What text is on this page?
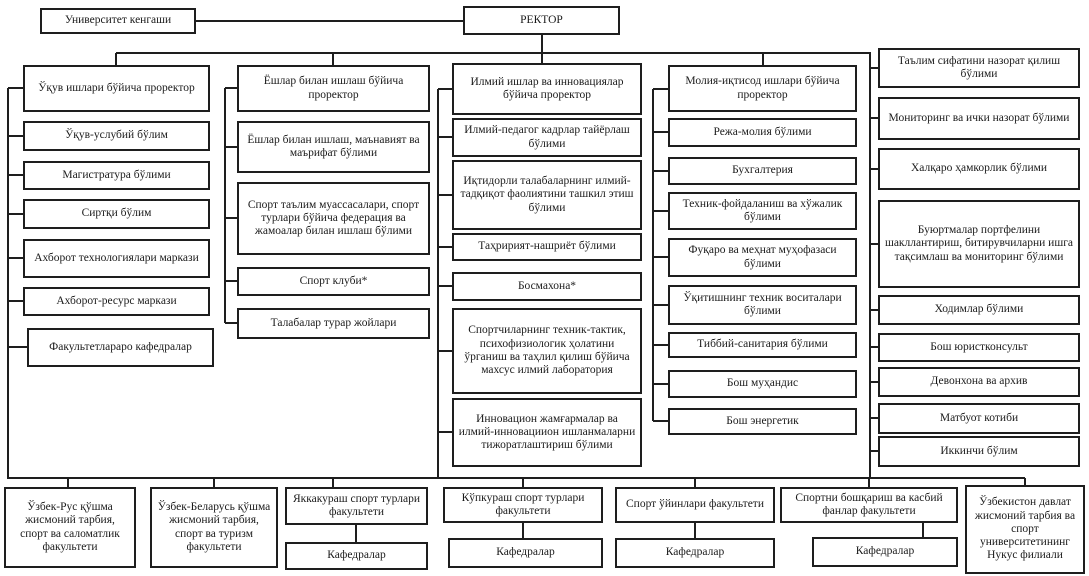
Университет кенгаши	РЕКТОР
Ўқув ишлари бўйича проректор
Ўқув-услубий бўлим
Магистратура бўлими
Сиртқи бўлим
Ахборот технологиялари маркази
Ахборот-ресурс маркази
Факультетлараро кафедралар
Ёшлар билан ишлаш бўйича проректор
Ёшлар билан ишлаш, маънавият ва маърифат бўлими
Спорт таълим муассасалари, спорт турлари бўйича федерация ва жамоалар билан ишлаш бўлими
Спорт клуби*
Талабалар турар жойлари
Илмий ишлар ва инновациялар бўйича проректор
Илмий-педагог кадрлар тайёрлаш бўлими
Иқтидорли талабаларнинг илмий-тадқиқот фаолиятини ташкил этиш бўлими
Таҳририят-нашриёт бўлими
Босмахона*
Спортчиларнинг техник-тактик, психофизиологик ҳолатини ўрганиш ва таҳлил қилиш бўйича махсус илмий лаборатория
Инновацион жамғармалар ва илмий-инновациион ишланмаларни тижоратлаштириш бўлими
Молия-иқтисод ишлари бўйича проректор
Режа-молия бўлими
Бухгалтерия
Техник-фойдаланиш ва хўжалик бўлими
Фуқаро ва меҳнат муҳофазаси бўлими
Ўқитишнинг техник воситалари бўлими
Тиббий-санитария бўлими
Бош муҳандис
Бош энергетик
Таълим сифатини назорат қилиш бўлими
Мониторинг ва ички назорат бўлими
Халқаро ҳамкорлик бўлими
Буюртмалар портфелини шакллантириш, битирувчиларни ишга тақсимлаш ва мониторинг бўлими
Ходимлар бўлими
Бош юристконсульт
Девонхона ва архив
Матбуот котиби
Иккинчи бўлим
Ўзбек-Рус қўшма жисмоний тарбия, спорт ва саломатлик факультети
Ўзбек-Беларусь қўшма жисмоний тарбия, спорт ва туризм факультети
Яккакураш спорт турлари факультети
Кафедралар
Кўпкураш спорт турлари факультети
Кафедралар
Спорт ўйинлари факультети
Кафедралар
Спортни бошқариш ва касбий фанлар факультети
Кафедралар
Ўзбекистон давлат жисмоний тарбия ва спорт университетининг Нукус филиали
